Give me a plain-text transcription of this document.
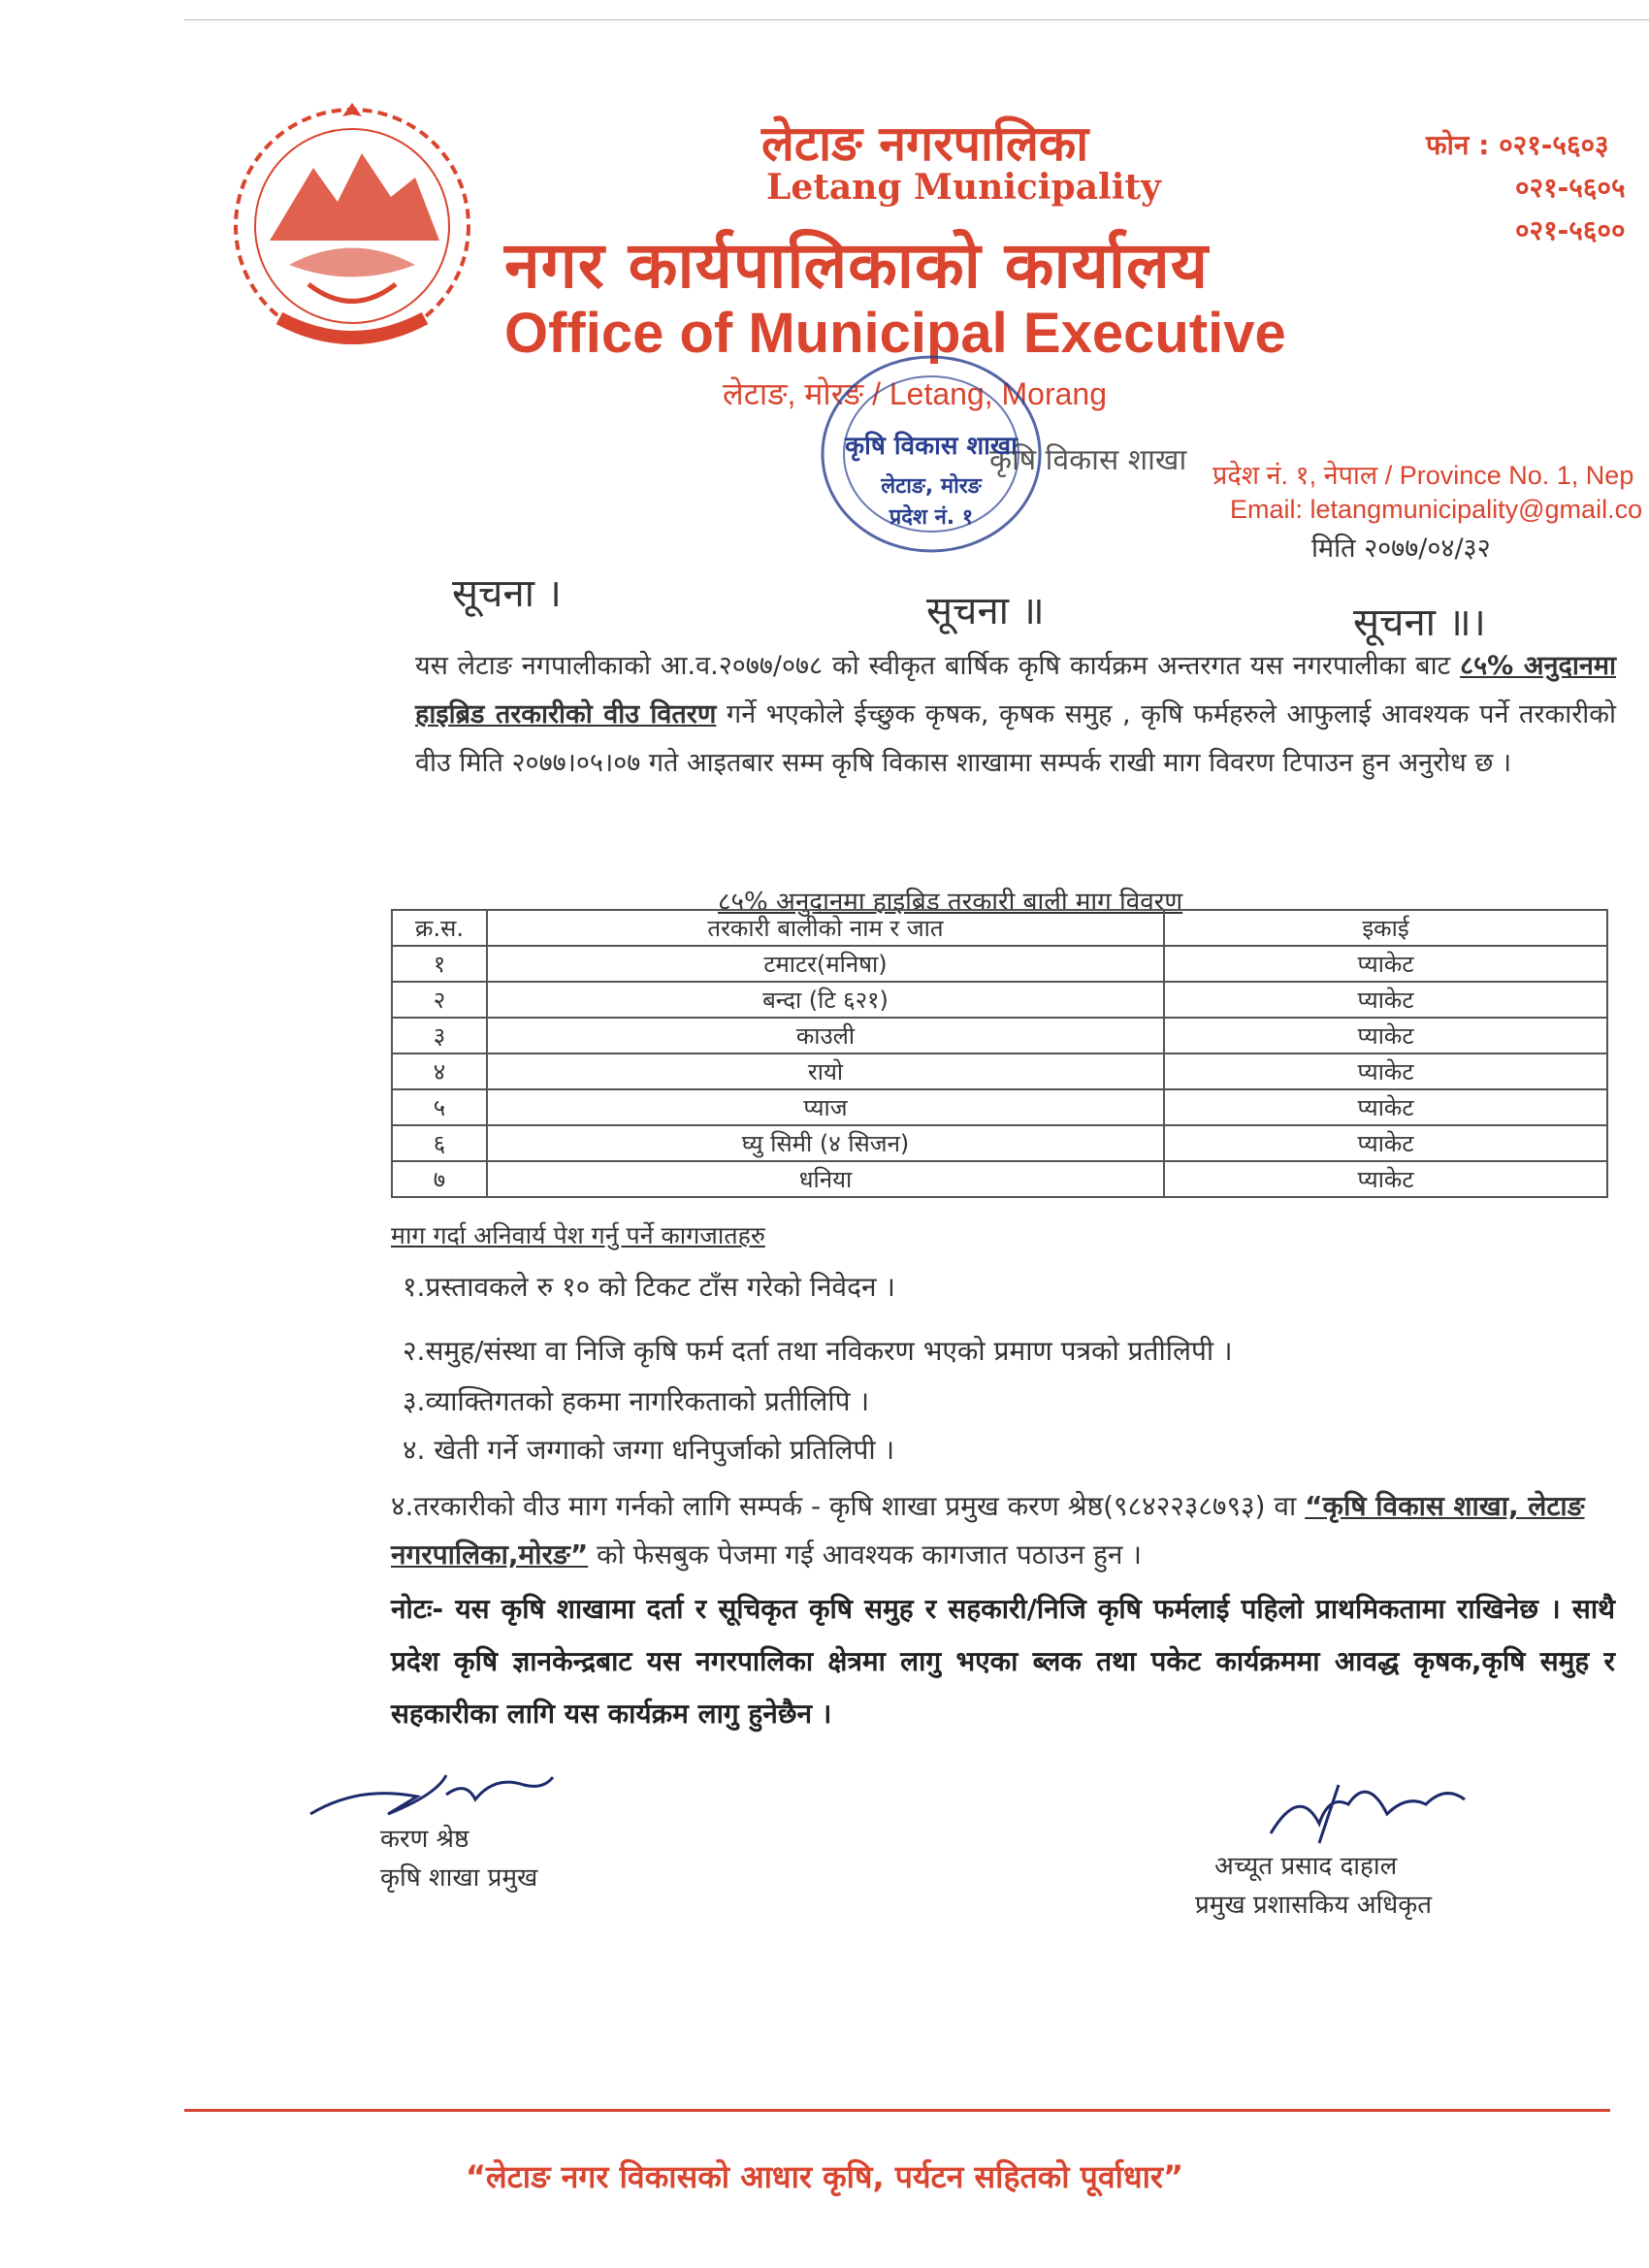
लेटाङ नगरपालिका
Letang Municipality
नगर कार्यपालिकाको कार्यालय
Office of Municipal Executive
लेटाङ, मोरङ / Letang, Morang
कृषि विकास शाखा
फोन : ०२१-५६०३
०२१-५६०५
०२१-५६००
प्रदेश नं. १, नेपाल / Province No. 1, Nep
Email: letangmunicipality@gmail.co
मिति २०७७/०४/३२
कृषि विकास शाखा
लेटाङ, मोरङ
प्रदेश नं. १
सूचना ।	सूचना ॥	सूचना ॥।
यस लेटाङ नगपालीकाको आ.व.२०७७/०७८ को स्वीकृत बार्षिक कृषि कार्यक्रम अन्तरगत यस नगरपालीका बाट ८५% अनुदानमा हाइब्रिड तरकारीको वीउ वितरण गर्ने भएकोले ईच्छुक कृषक, कृषक समुह , कृषि फर्महरुले आफुलाई आवश्यक पर्ने तरकारीको वीउ मिति २०७७।०५।०७ गते आइतबार सम्म कृषि विकास शाखामा सम्पर्क राखी माग विवरण टिपाउन हुन अनुरोध छ ।
८५% अनुदानमा हाइब्रिड तरकारी बाली माग विवरण
क्र.स.	तरकारी बालीको नाम र जात	इकाई
१	टमाटर(मनिषा)	प्याकेट
२	बन्दा (टि ६२१)	प्याकेट
३	काउली	प्याकेट
४	रायो	प्याकेट
५	प्याज	प्याकेट
६	घ्यु सिमी (४ सिजन)	प्याकेट
७	धनिया	प्याकेट
माग गर्दा अनिवार्य पेश गर्नु पर्ने कागजातहरु
१.प्रस्तावकले रु १० को टिकट टाँस गरेको निवेदन ।
२.समुह/संस्था वा निजि कृषि फर्म दर्ता तथा नविकरण भएको प्रमाण पत्रको प्रतीलिपी ।
३.व्याक्तिगतको हकमा नागरिकताको प्रतीलिपि ।
४. खेती गर्ने जग्गाको जग्गा धनिपुर्जाको प्रतिलिपी ।
४.तरकारीको वीउ माग गर्नको लागि सम्पर्क - कृषि शाखा प्रमुख करण श्रेष्ठ(९८४२२३८७९३) वा “कृषि विकास शाखा, लेटाङ नगरपालिका,मोरङ” को फेसबुक पेजमा गई आवश्यक कागजात पठाउन हुन ।
नोटः- यस कृषि शाखामा दर्ता र सूचिकृत कृषि समुह र सहकारी/निजि कृषि फर्मलाई पहिलो प्राथमिकतामा राखिनेछ । साथै प्रदेश कृषि ज्ञानकेन्द्रबाट यस नगरपालिका क्षेत्रमा लागु भएका ब्लक तथा पकेट कार्यक्रममा आवद्ध कृषक,कृषि समुह र सहकारीका लागि यस कार्यक्रम लागु हुनेछैन ।
करण श्रेष्ठ
कृषि शाखा प्रमुख	अच्यूत प्रसाद दाहाल
प्रमुख प्रशासकिय अधिकृत
“लेटाङ नगर विकासको आधार कृषि, पर्यटन सहितको पूर्वाधार”
